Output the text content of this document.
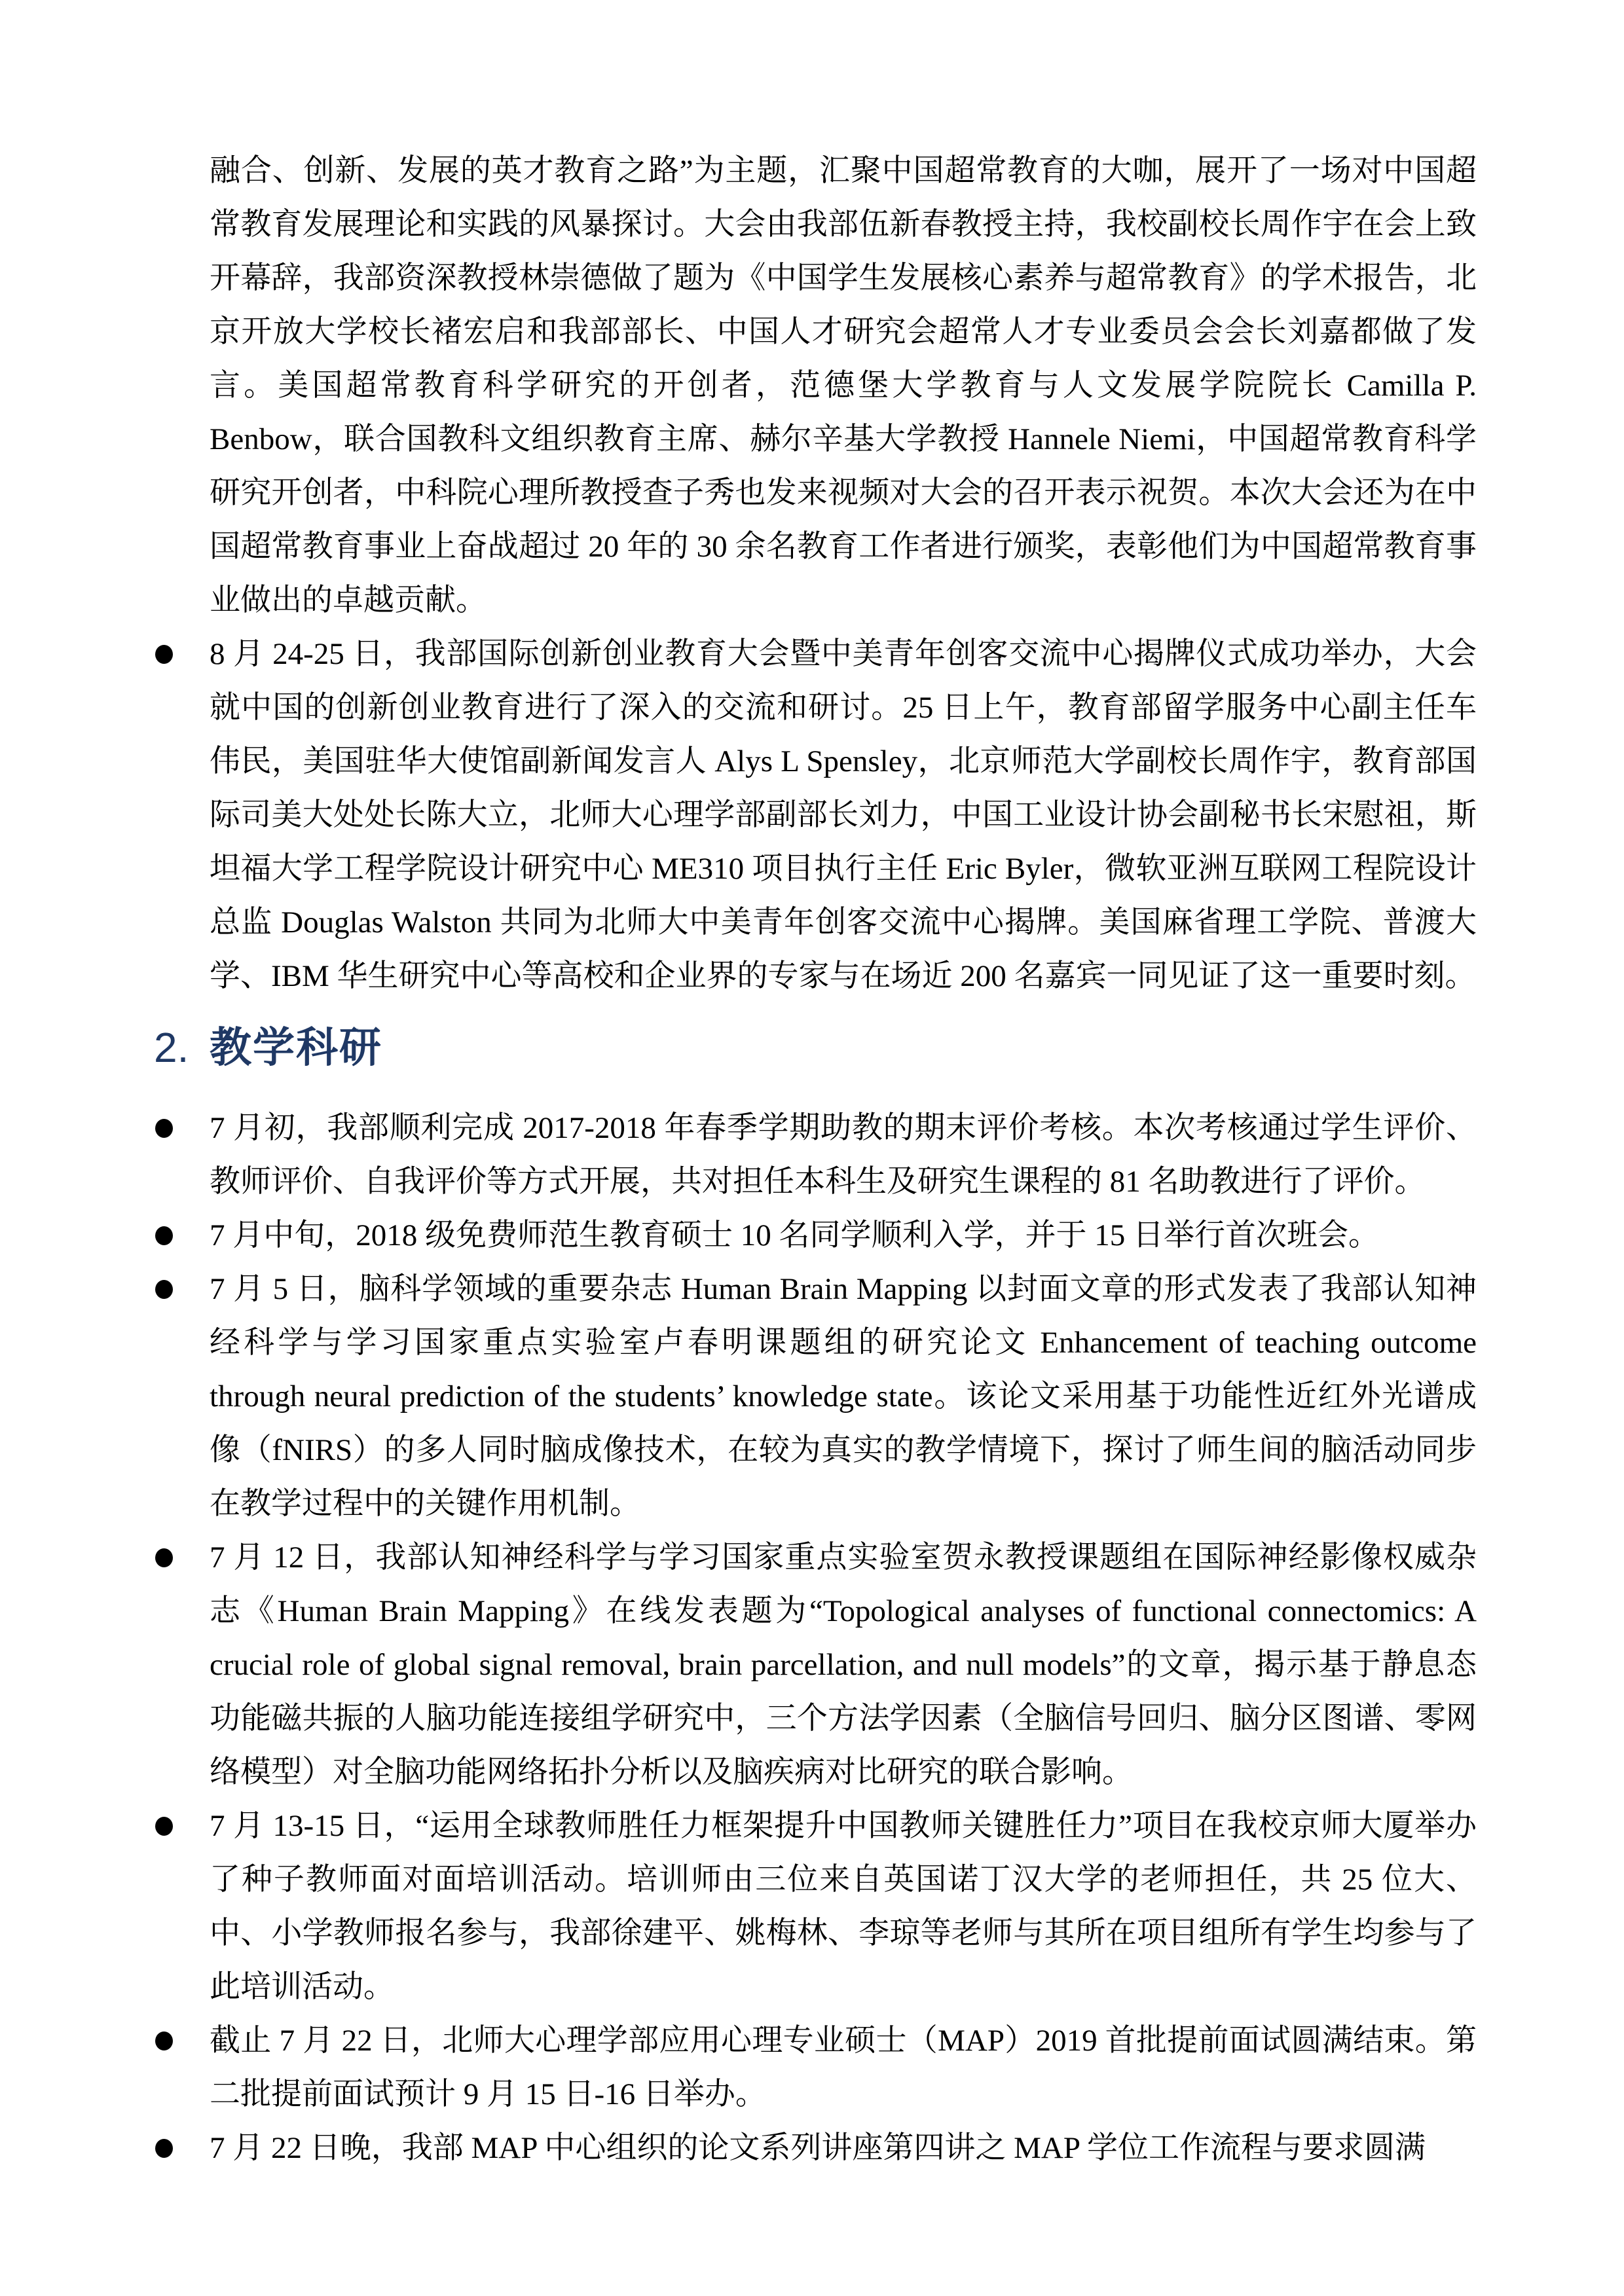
融合、创新、发展的英才教育之路”为主题，汇聚中国超常教育的大咖，展开了一场对中国超常教育发展理论和实践的风暴探讨。大会由我部伍新春教授主持，我校副校长周作宇在会上致开幕辞，我部资深教授林崇德做了题为《中国学生发展核心素养与超常教育》的学术报告，北京开放大学校长褚宏启和我部部长、中国人才研究会超常人才专业委员会会长刘嘉都做了发言。美国超常教育科学研究的开创者，范德堡大学教育与人文发展学院院长 Camilla P. Benbow，联合国教科文组织教育主席、赫尔辛基大学教授 Hannele Niemi，中国超常教育科学研究开创者，中科院心理所教授查子秀也发来视频对大会的召开表示祝贺。本次大会还为在中国超常教育事业上奋战超过 20 年的 30 余名教育工作者进行颁奖，表彰他们为中国超常教育事业做出的卓越贡献。

8 月 24-25 日，我部国际创新创业教育大会暨中美青年创客交流中心揭牌仪式成功举办，大会就中国的创新创业教育进行了深入的交流和研讨。25 日上午，教育部留学服务中心副主任车伟民，美国驻华大使馆副新闻发言人 Alys L Spensley，北京师范大学副校长周作宇，教育部国际司美大处处长陈大立，北师大心理学部副部长刘力，中国工业设计协会副秘书长宋慰祖，斯坦福大学工程学院设计研究中心 ME310 项目执行主任 Eric Byler，微软亚洲互联网工程院设计总监 Douglas Walston 共同为北师大中美青年创客交流中心揭牌。美国麻省理工学院、普渡大学、IBM 华生研究中心等高校和企业界的专家与在场近 200 名嘉宾一同见证了这一重要时刻。

2. 教学科研

7 月初，我部顺利完成 2017-2018 年春季学期助教的期末评价考核。本次考核通过学生评价、教师评价、自我评价等方式开展，共对担任本科生及研究生课程的 81 名助教进行了评价。

7 月中旬，2018 级免费师范生教育硕士 10 名同学顺利入学，并于 15 日举行首次班会。

7 月 5 日，脑科学领域的重要杂志 Human Brain Mapping 以封面文章的形式发表了我部认知神经科学与学习国家重点实验室卢春明课题组的研究论文 Enhancement of teaching outcome through neural prediction of the students’ knowledge state。该论文采用基于功能性近红外光谱成像（fNIRS）的多人同时脑成像技术，在较为真实的教学情境下，探讨了师生间的脑活动同步在教学过程中的关键作用机制。

7 月 12 日，我部认知神经科学与学习国家重点实验室贺永教授课题组在国际神经影像权威杂志《Human Brain Mapping》在线发表题为“Topological analyses of functional connectomics: A crucial role of global signal removal, brain parcellation, and null models”的文章，揭示基于静息态功能磁共振的人脑功能连接组学研究中，三个方法学因素（全脑信号回归、脑分区图谱、零网络模型）对全脑功能网络拓扑分析以及脑疾病对比研究的联合影响。

7 月 13-15 日，“运用全球教师胜任力框架提升中国教师关键胜任力”项目在我校京师大厦举办了种子教师面对面培训活动。培训师由三位来自英国诺丁汉大学的老师担任，共 25 位大、中、小学教师报名参与，我部徐建平、姚梅林、李琼等老师与其所在项目组所有学生均参与了此培训活动。

截止 7 月 22 日，北师大心理学部应用心理专业硕士（MAP）2019 首批提前面试圆满结束。第二批提前面试预计 9 月 15 日-16 日举办。

7 月 22 日晚，我部 MAP 中心组织的论文系列讲座第四讲之 MAP 学位工作流程与要求圆满
